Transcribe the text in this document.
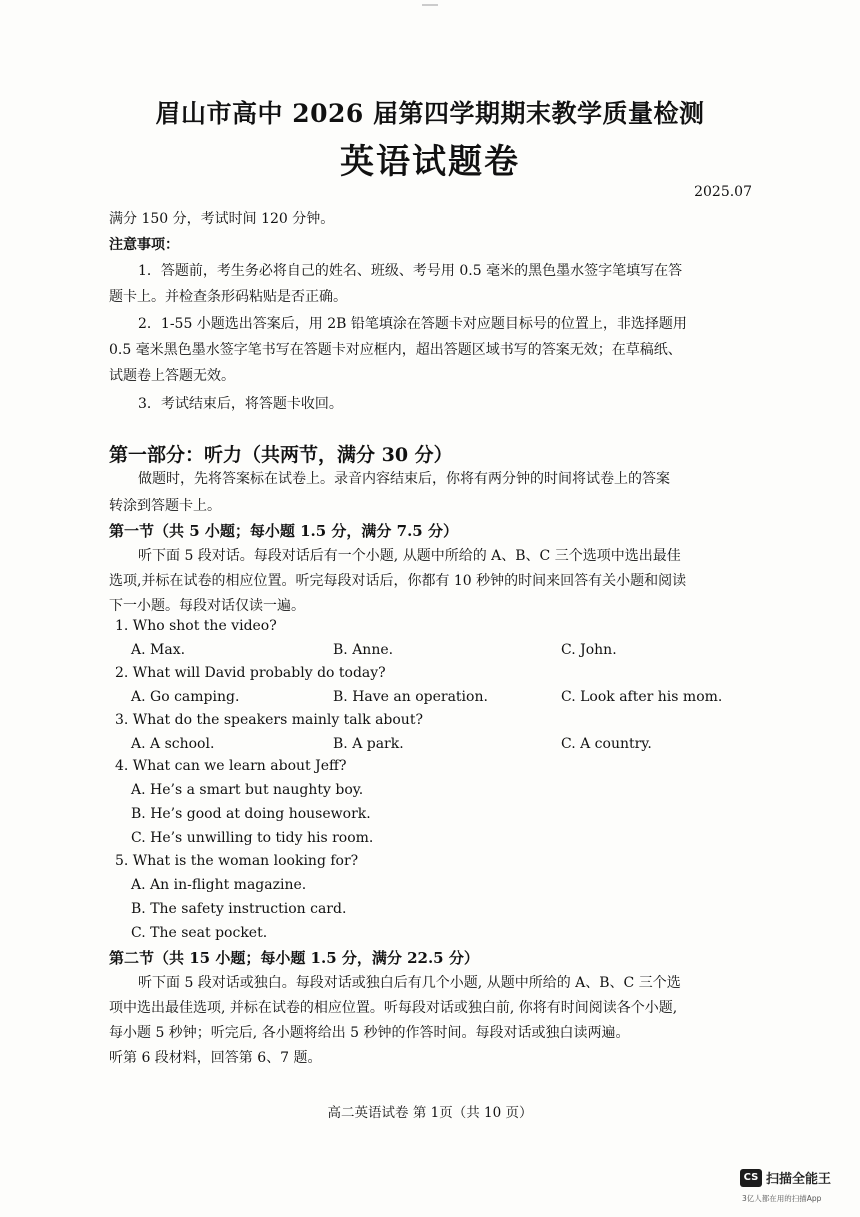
眉山市高中 2026 届第四学期期末教学质量检测
英语试题卷
2025.07
满分 150 分，考试时间 120 分钟。
注意事项：
1．答题前，考生务必将自己的姓名、班级、考号用 0.5 毫米的黑色墨水签字笔填写在答
题卡上。并检查条形码粘贴是否正确。
2．1-55 小题选出答案后，用 2B 铅笔填涂在答题卡对应题目标号的位置上，非选择题用
0.5 毫米黑色墨水签字笔书写在答题卡对应框内，超出答题区域书写的答案无效；在草稿纸、
试题卷上答题无效。
3．考试结束后，将答题卡收回。
第一部分：听力（共两节，满分 30 分）
做题时，先将答案标在试卷上。录音内容结束后，你将有两分钟的时间将试卷上的答案
转涂到答题卡上。
第一节（共 5 小题；每小题 1.5 分，满分 7.5 分）
听下面 5 段对话。每段对话后有一个小题, 从题中所给的 A、B、C 三个选项中选出最佳
选项,并标在试卷的相应位置。听完每段对话后，你都有 10 秒钟的时间来回答有关小题和阅读
下一小题。每段对话仅读一遍。
1. Who shot the video?
A. Max.	B. Anne.	C. John.
2. What will David probably do today?
A. Go camping.	B. Have an operation.	C. Look after his mom.
3. What do the speakers mainly talk about?
A. A school.	B. A park.	C. A country.
4. What can we learn about Jeff?
A. He’s a smart but naughty boy.
B. He’s good at doing housework.
C. He’s unwilling to tidy his room.
5. What is the woman looking for?
A. An in-flight magazine.
B. The safety instruction card.
C. The seat pocket.
第二节（共 15 小题；每小题 1.5 分，满分 22.5 分）
听下面 5 段对话或独白。每段对话或独白后有几个小题, 从题中所给的 A、B、C 三个选
项中选出最佳选项, 并标在试卷的相应位置。听每段对话或独白前, 你将有时间阅读各个小题,
每小题 5 秒钟；听完后, 各小题将给出 5 秒钟的作答时间。每段对话或独白读两遍。
听第 6 段材料，回答第 6、7 题。
高二英语试卷 第 1页（共 10 页）
CS 扫描全能王
3亿人都在用的扫描App
